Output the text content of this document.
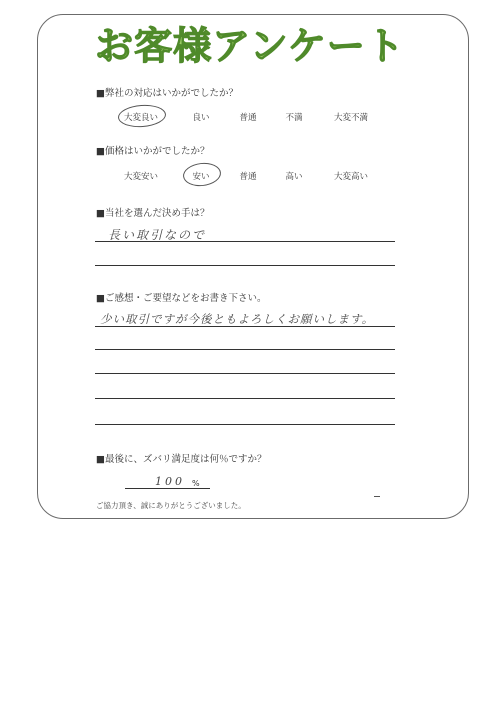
お客様アンケート
■弊社の対応はいかがでしたか？
大変良い	良い	普通	不満	大変不満
■価格はいかがでしたか？
大変安い	安い	普通	高い	大変高い
■当社を選んだ決め手は？
長い取引なので
■ご感想・ご要望などをお書き下さい。
少い取引ですが今後ともよろしくお願いします。
■最後に、ズバリ満足度は何％ですか？
100 %
ご協力頂き、誠にありがとうございました。
